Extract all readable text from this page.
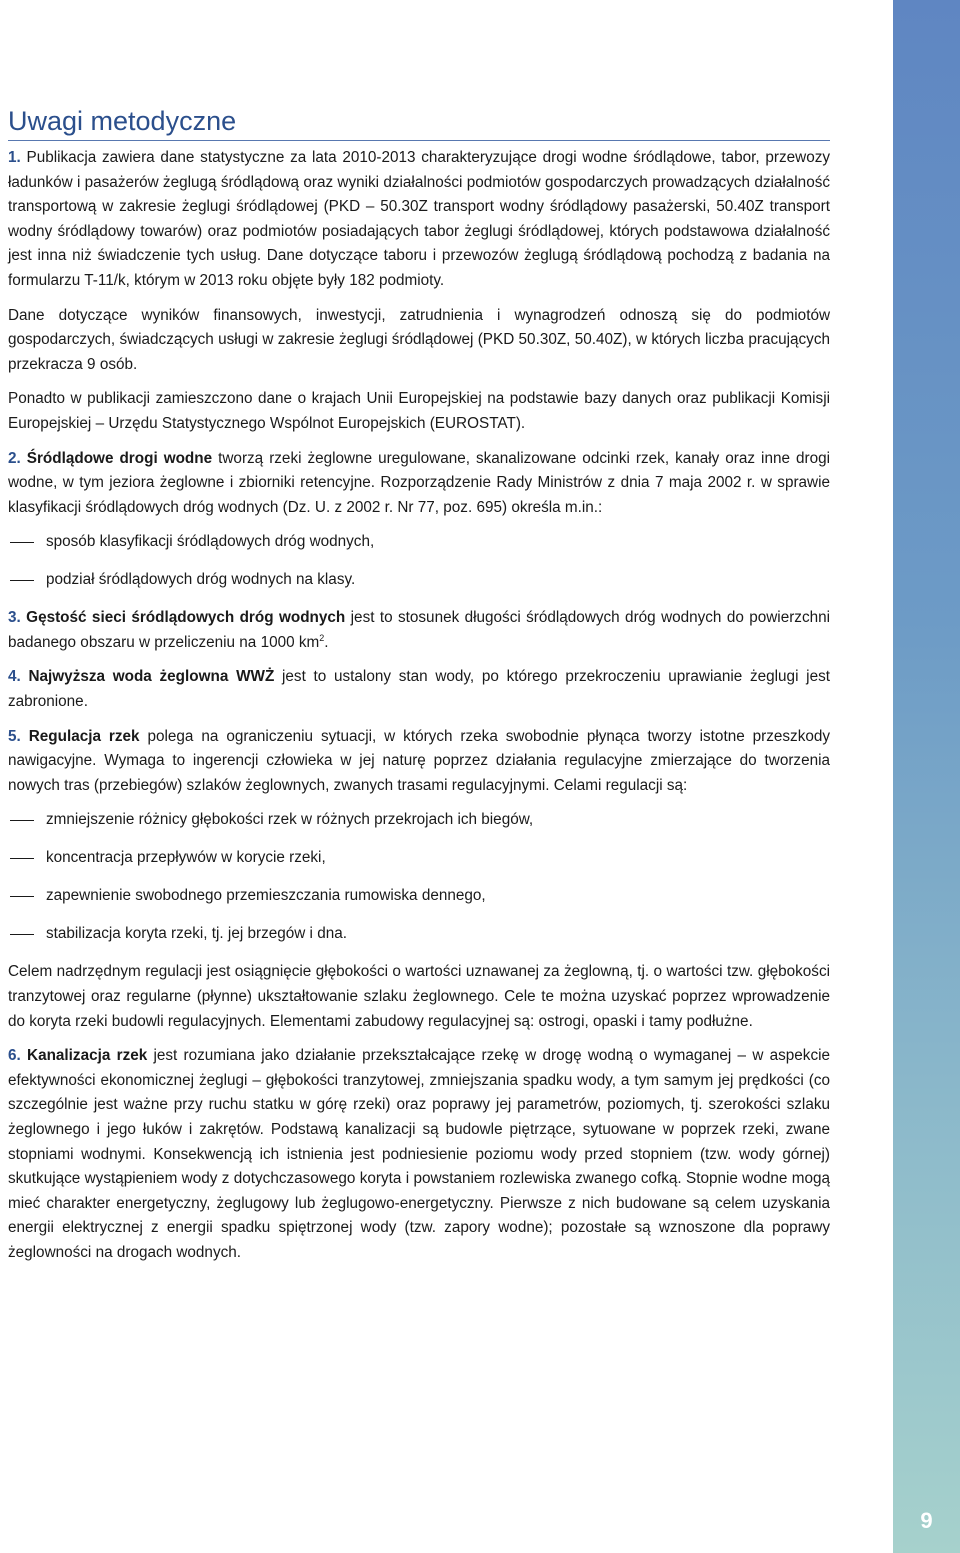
9
Uwagi metodyczne

1. Publikacja zawiera dane statystyczne za lata 2010-2013 charakteryzujące drogi wodne śródlądowe, tabor, przewozy ładunków i pasażerów żeglugą śródlądową oraz wyniki działalności podmiotów gospodarczych prowadzących działalność transportową w zakresie żeglugi śródlądowej (PKD – 50.30Z transport wodny śródlądowy pasażerski, 50.40Z transport wodny śródlądowy towarów) oraz podmiotów posiadających tabor żeglugi śródlądowej, których podstawowa działalność jest inna niż świadczenie tych usług. Dane dotyczące taboru i przewozów żeglugą śródlądową pochodzą z badania na formularzu T-11/k, którym w 2013 roku objęte były 182 podmioty.

Dane dotyczące wyników finansowych, inwestycji, zatrudnienia i wynagrodzeń odnoszą się do podmiotów gospodarczych, świadczących usługi w zakresie żeglugi śródlądowej (PKD 50.30Z, 50.40Z), w których liczba pracujących przekracza 9 osób.

Ponadto w publikacji zamieszczono dane o krajach Unii Europejskiej na podstawie bazy danych oraz publikacji Komisji Europejskiej – Urzędu Statystycznego Wspólnot Europejskich (EUROSTAT).

2. Śródlądowe drogi wodne tworzą rzeki żeglowne uregulowane, skanalizowane odcinki rzek, kanały oraz inne drogi wodne, w tym jeziora żeglowne i zbiorniki retencyjne. Rozporządzenie Rady Ministrów z dnia 7 maja 2002 r. w sprawie klasyfikacji śródlądowych dróg wodnych (Dz. U. z 2002 r. Nr 77, poz. 695) określa m.in.:

sposób klasyfikacji śródlądowych dróg wodnych,
podział śródlądowych dróg wodnych na klasy.

3. Gęstość sieci śródlądowych dróg wodnych jest to stosunek długości śródlądowych dróg wodnych do powierzchni badanego obszaru w przeliczeniu na 1000 $km^2$.

4. Najwyższa woda żeglowna WWŻ jest to ustalony stan wody, po którego przekroczeniu uprawianie żeglugi jest zabronione.

5. Regulacja rzek polega na ograniczeniu sytuacji, w których rzeka swobodnie płynąca tworzy istotne przeszkody nawigacyjne. Wymaga to ingerencji człowieka w jej naturę poprzez działania regulacyjne zmierzające do tworzenia nowych tras (przebiegów) szlaków żeglownych, zwanych trasami regulacyjnymi. Celami regulacji są:

zmniejszenie różnicy głębokości rzek w różnych przekrojach ich biegów,
koncentracja przepływów w korycie rzeki,
zapewnienie swobodnego przemieszczania rumowiska dennego,
stabilizacja koryta rzeki, tj. jej brzegów i dna.

Celem nadrzędnym regulacji jest osiągnięcie głębokości o wartości uznawanej za żeglowną, tj. o wartości tzw. głębokości tranzytowej oraz regularne (płynne) ukształtowanie szlaku żeglownego. Cele te można uzyskać poprzez wprowadzenie do koryta rzeki budowli regulacyjnych. Elementami zabudowy regulacyjnej są: ostrogi, opaski i tamy podłużne.

6. Kanalizacja rzek jest rozumiana jako działanie przekształcające rzekę w drogę wodną o wymaganej – w aspekcie efektywności ekonomicznej żeglugi – głębokości tranzytowej, zmniejszania spadku wody, a tym samym jej prędkości (co szczególnie jest ważne przy ruchu statku w górę rzeki) oraz poprawy jej parametrów, poziomych, tj. szerokości szlaku żeglownego i jego łuków i zakrętów. Podstawą kanalizacji są budowle piętrzące, sytuowane w poprzek rzeki, zwane stopniami wodnymi. Konsekwencją ich istnienia jest podniesienie poziomu wody przed stopniem (tzw. wody górnej) skutkujące wystąpieniem wody z dotychczasowego koryta i powstaniem rozlewiska zwanego cofką. Stopnie wodne mogą mieć charakter energetyczny, żeglugowy lub żeglugowo-energetyczny. Pierwsze z nich budowane są celem uzyskania energii elektrycznej z energii spadku spiętrzonej wody (tzw. zapory wodne); pozostałe są wznoszone dla poprawy żeglowności na drogach wodnych.
